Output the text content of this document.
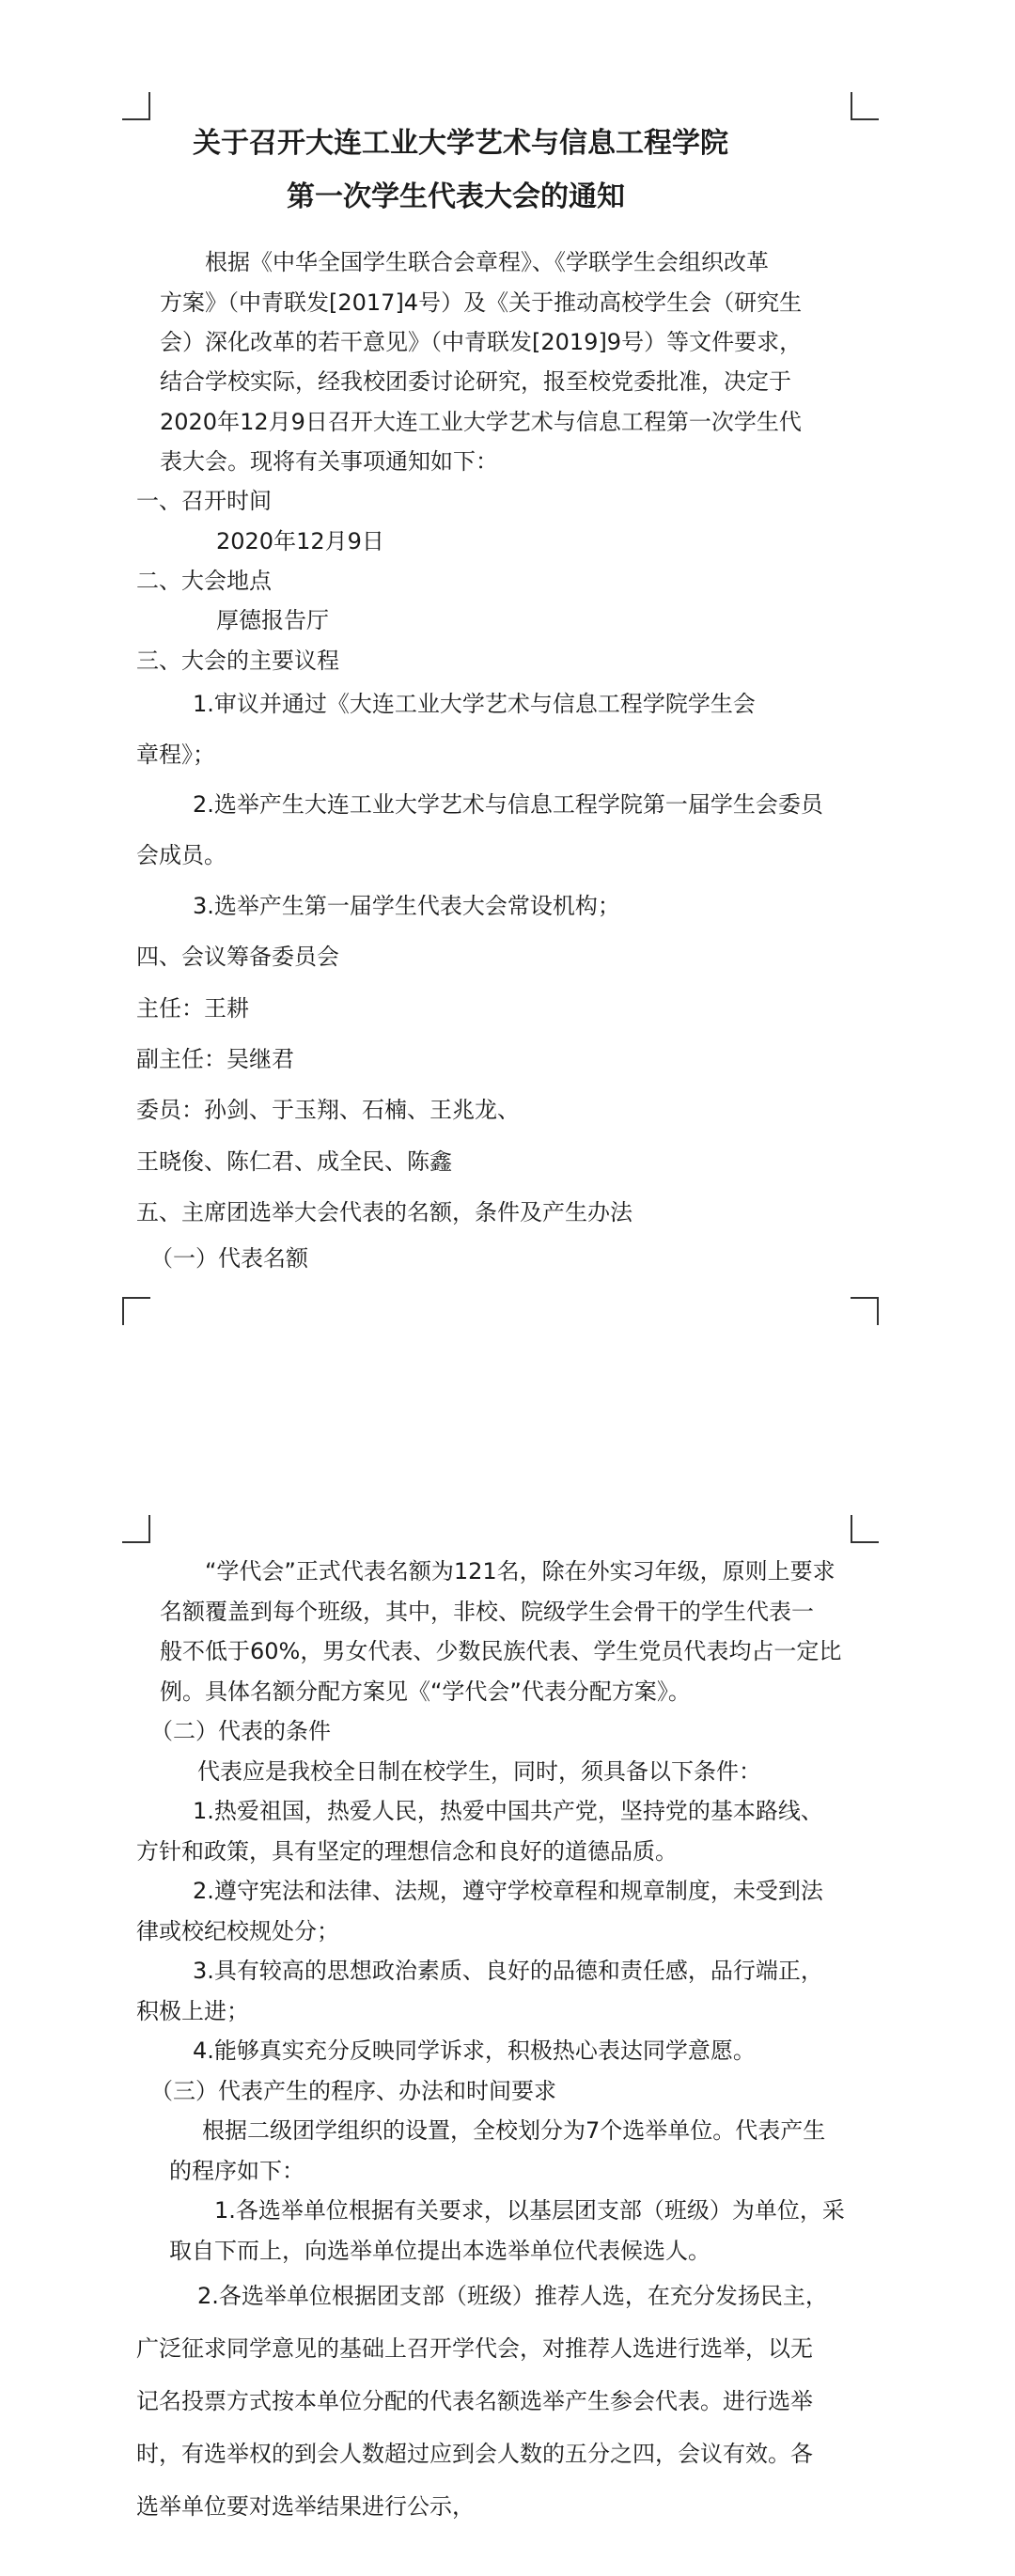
关于召开大连工业大学艺术与信息工程学院
第一次学生代表大会的通知
根据《中华全国学生联合会章程》、《学联学生会组织改革
方案》（中青联发[2017]4号）及《关于推动高校学生会（研究生
会）深化改革的若干意见》（中青联发[2019]9号）等文件要求，
结合学校实际，经我校团委讨论研究，报至校党委批准，决定于
2020年12月9日召开大连工业大学艺术与信息工程第一次学生代
表大会。现将有关事项通知如下：
一、召开时间
2020年12月9日
二、大会地点
厚德报告厅
三、大会的主要议程
1.审议并通过《大连工业大学艺术与信息工程学院学生会
章程》；
2.选举产生大连工业大学艺术与信息工程学院第一届学生会委员
会成员。
3.选举产生第一届学生代表大会常设机构；
四、会议筹备委员会
主任：王耕
副主任：吴继君
委员：孙剑、于玉翔、石楠、王兆龙、
王晓俊、陈仁君、成全民、陈鑫
五、主席团选举大会代表的名额，条件及产生办法
（一）代表名额
“学代会”正式代表名额为121名，除在外实习年级，原则上要求
名额覆盖到每个班级，其中，非校、院级学生会骨干的学生代表一
般不低于60%，男女代表、少数民族代表、学生党员代表均占一定比
例。具体名额分配方案见《“学代会”代表分配方案》。
（二）代表的条件
代表应是我校全日制在校学生，同时，须具备以下条件：
1.热爱祖国，热爱人民，热爱中国共产党，坚持党的基本路线、
方针和政策，具有坚定的理想信念和良好的道德品质。
2.遵守宪法和法律、法规，遵守学校章程和规章制度，未受到法
律或校纪校规处分；
3.具有较高的思想政治素质、良好的品德和责任感，品行端正，
积极上进；
4.能够真实充分反映同学诉求，积极热心表达同学意愿。
（三）代表产生的程序、办法和时间要求
根据二级团学组织的设置，全校划分为7个选举单位。代表产生
的程序如下：
1.各选举单位根据有关要求，以基层团支部（班级）为单位，采
取自下而上，向选举单位提出本选举单位代表候选人。
2.各选举单位根据团支部（班级）推荐人选，在充分发扬民主，
广泛征求同学意见的基础上召开学代会，对推荐人选进行选举，以无
记名投票方式按本单位分配的代表名额选举产生参会代表。进行选举
时，有选举权的到会人数超过应到会人数的五分之四，会议有效。各
选举单位要对选举结果进行公示，
